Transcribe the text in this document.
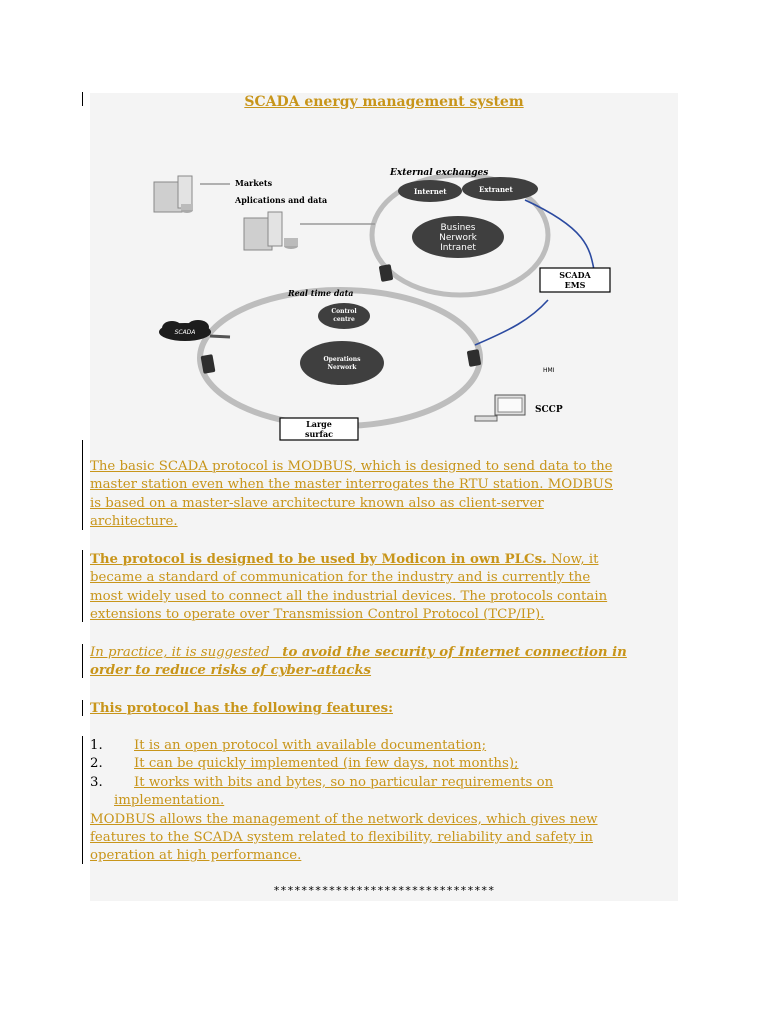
SCADA energy management system
External exchanges
Internet	Extranet
Busines
Nerwork
Intranet
Markets
Aplications and data
SCADA
EMS
Real time data
Control
centre
Operations
Nerwork
SCADA
HMI
SCCP
Large
surfac
The basic SCADA protocol is MODBUS, which is designed to send data to the
master station even when the master interrogates the RTU station. MODBUS
is based on a master-slave architecture known also as client-server
architecture.
The protocol is designed to be used by Modicon in own PLCs. Now, it
became a standard of communication for the industry and is currently the
most widely used to connect all the industrial devices. The protocols contain
extensions to operate over Transmission Control Protocol (TCP/IP).
In practice, it is suggested to avoid the security of Internet connection in
order to reduce risks of cyber-attacks
This protocol has the following features:
1. It is an open protocol with available documentation;
2. It can be quickly implemented (in few days, not months);
3. It works with bits and bytes, so no particular requirements on
implementation.
MODBUS allows the management of the network devices, which gives new
features to the SCADA system related to flexibility, reliability and safety in
operation at high performance.
********************************
